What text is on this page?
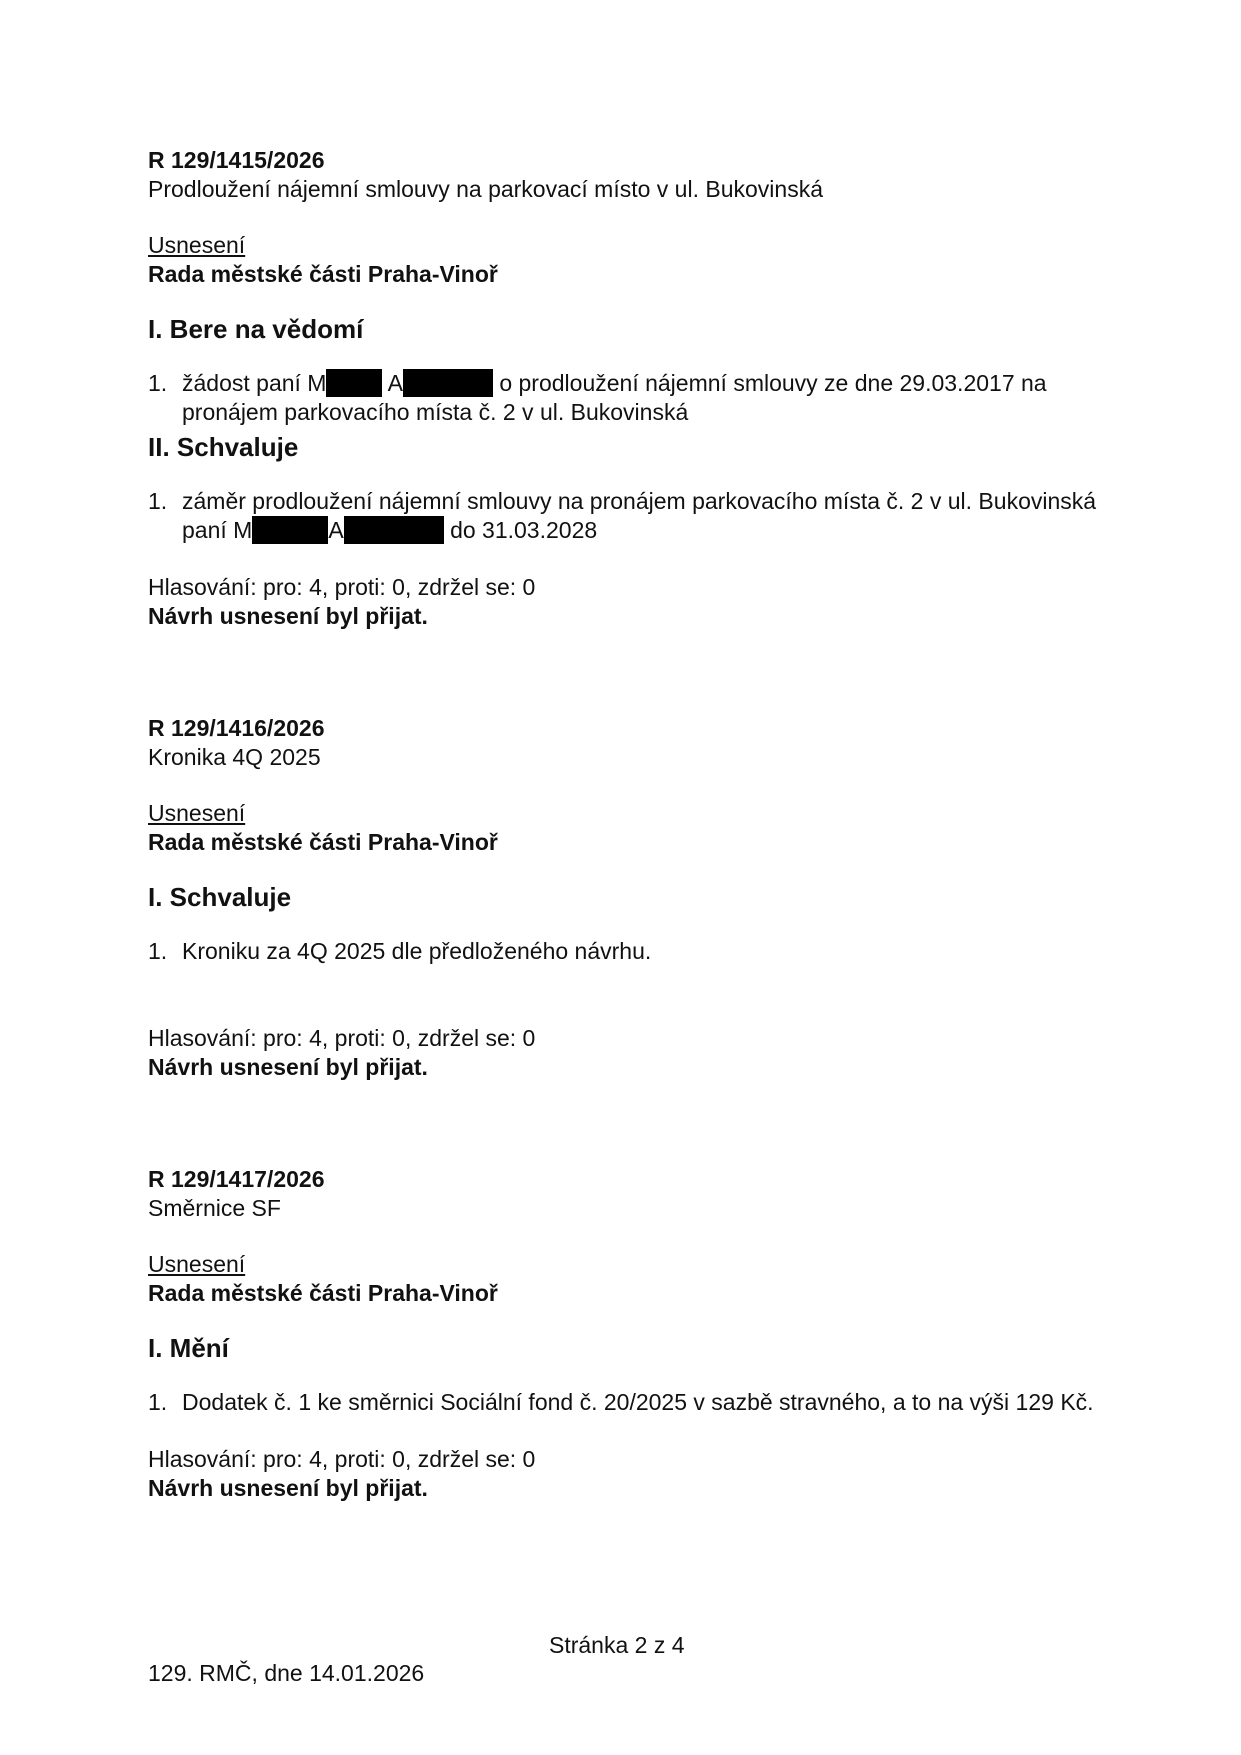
R 129/1415/2026
Prodloužení nájemní smlouvy na parkovací místo v ul. Bukovinská
Usnesení
Rada městské části Praha-Vinoř
I. Bere na vědomí
1. žádost paní M	A	o prodloužení nájemní smlouvy ze dne 29.03.2017 na pronájem parkovacího místa č. 2 v ul. Bukovinská
II. Schvaluje
1. záměr prodloužení nájemní smlouvy na pronájem parkovacího místa č. 2 v ul. Bukovinská paní M	A	do 31.03.2028
Hlasování: pro: 4, proti: 0, zdržel se: 0
Návrh usnesení byl přijat.
R 129/1416/2026
Kronika 4Q 2025
Usnesení
Rada městské části Praha-Vinoř
I. Schvaluje
1. Kroniku za 4Q 2025 dle předloženého návrhu.
Hlasování: pro: 4, proti: 0, zdržel se: 0
Návrh usnesení byl přijat.
R 129/1417/2026
Směrnice SF
Usnesení
Rada městské části Praha-Vinoř
I. Mění
1. Dodatek č. 1 ke směrnici Sociální fond č. 20/2025 v sazbě stravného, a to na výši 129 Kč.
Hlasování: pro: 4, proti: 0, zdržel se: 0
Návrh usnesení byl přijat.
Stránka 2 z 4
129. RMČ, dne 14.01.2026
